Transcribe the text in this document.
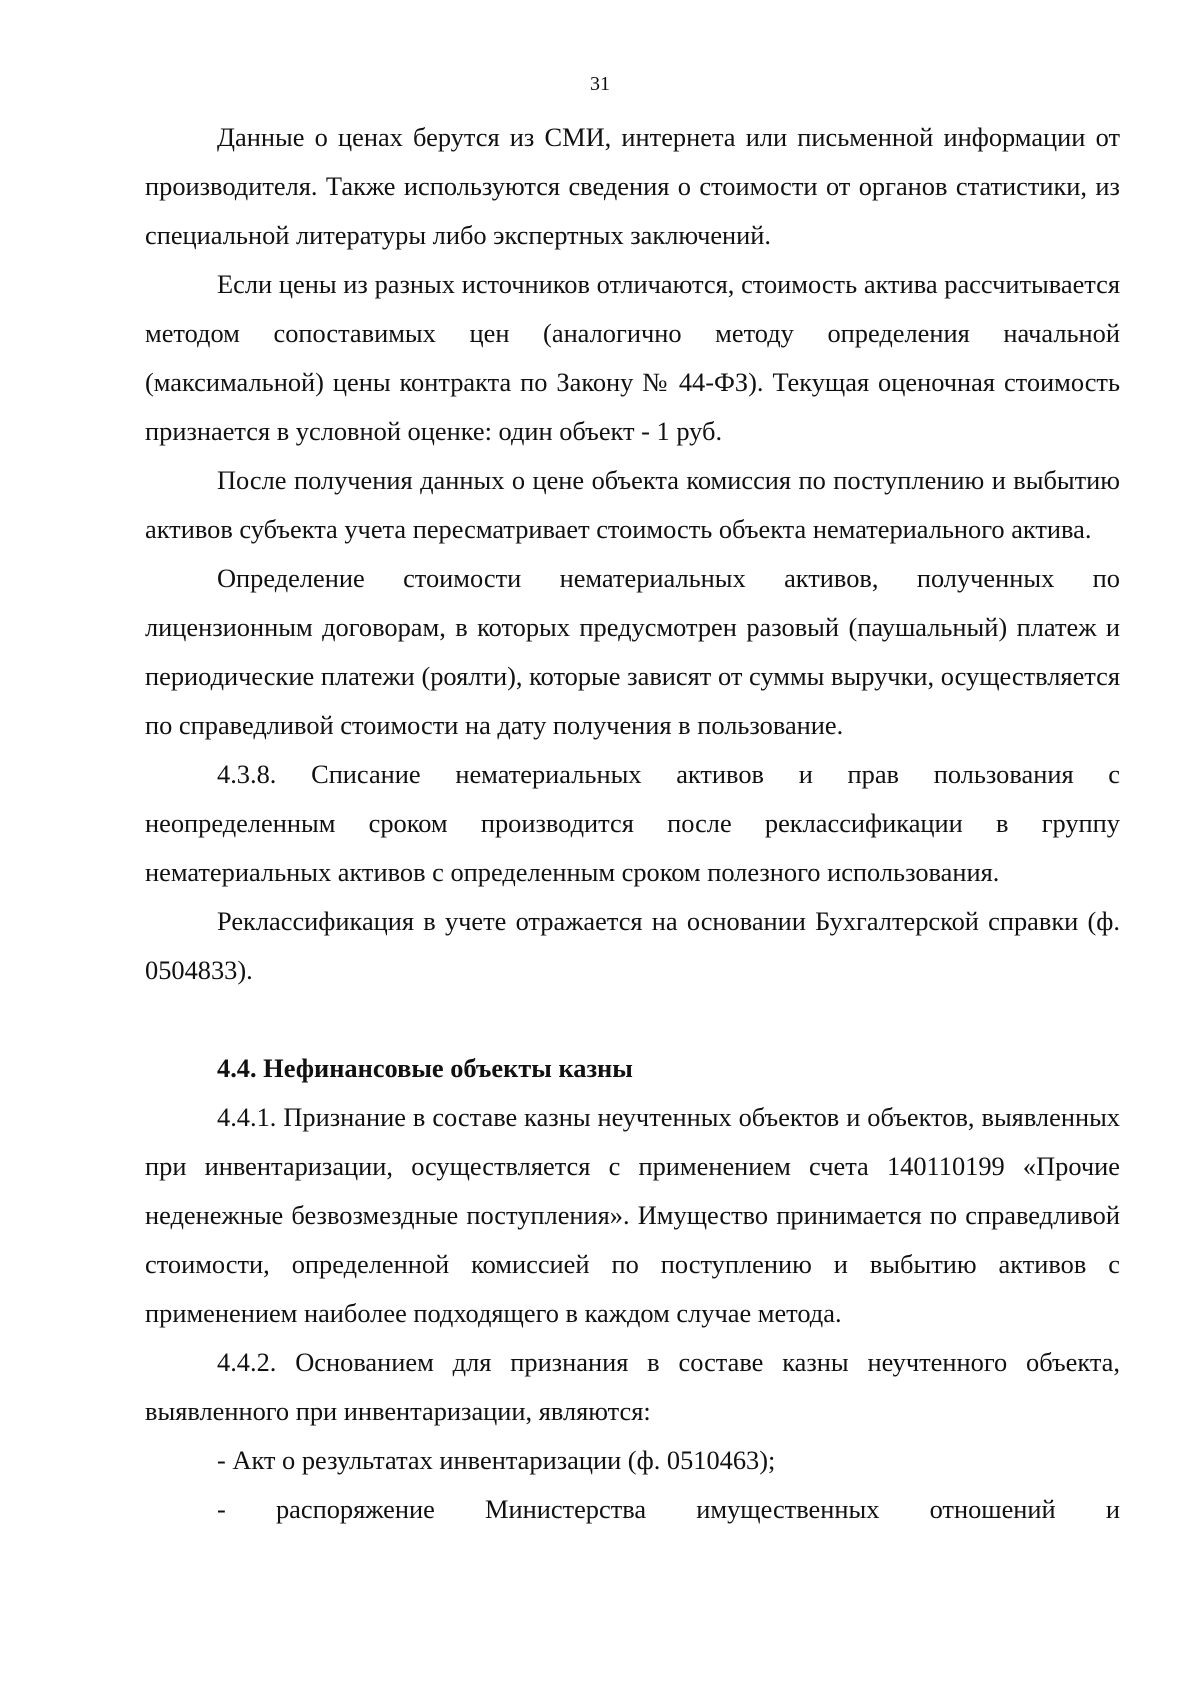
31

Данные о ценах берутся из СМИ, интернета или письменной информации от производителя. Также используются сведения о стоимости от органов статистики, из специальной литературы либо экспертных заключений.

Если цены из разных источников отличаются, стоимость актива рассчитывается методом сопоставимых цен (аналогично методу определения начальной (максимальной) цены контракта по Закону № 44-ФЗ). Текущая оценочная стоимость признается в условной оценке: один объект - 1 руб.

После получения данных о цене объекта комиссия по поступлению и выбытию активов субъекта учета пересматривает стоимость объекта нематериального актива.

Определение стоимости нематериальных активов, полученных по лицензионным договорам, в которых предусмотрен разовый (паушальный) платеж и периодические платежи (роялти), которые зависят от суммы выручки, осуществляется по справедливой стоимости на дату получения в пользование.

4.3.8. Списание нематериальных активов и прав пользования с неопределенным сроком производится после реклассификации в группу нематериальных активов с определенным сроком полезного использования.

Реклассификация в учете отражается на основании Бухгалтерской справки (ф. 0504833).

4.4. Нефинансовые объекты казны

4.4.1. Признание в составе казны неучтенных объектов и объектов, выявленных при инвентаризации, осуществляется с применением счета 140110199 «Прочие неденежные безвозмездные поступления». Имущество принимается по справедливой стоимости, определенной комиссией по поступлению и выбытию активов с применением наиболее подходящего в каждом случае метода.

4.4.2. Основанием для признания в составе казны неучтенного объекта, выявленного при инвентаризации, являются:

- Акт о результатах инвентаризации (ф. 0510463);

- распоряжение Министерства имущественных отношений и
